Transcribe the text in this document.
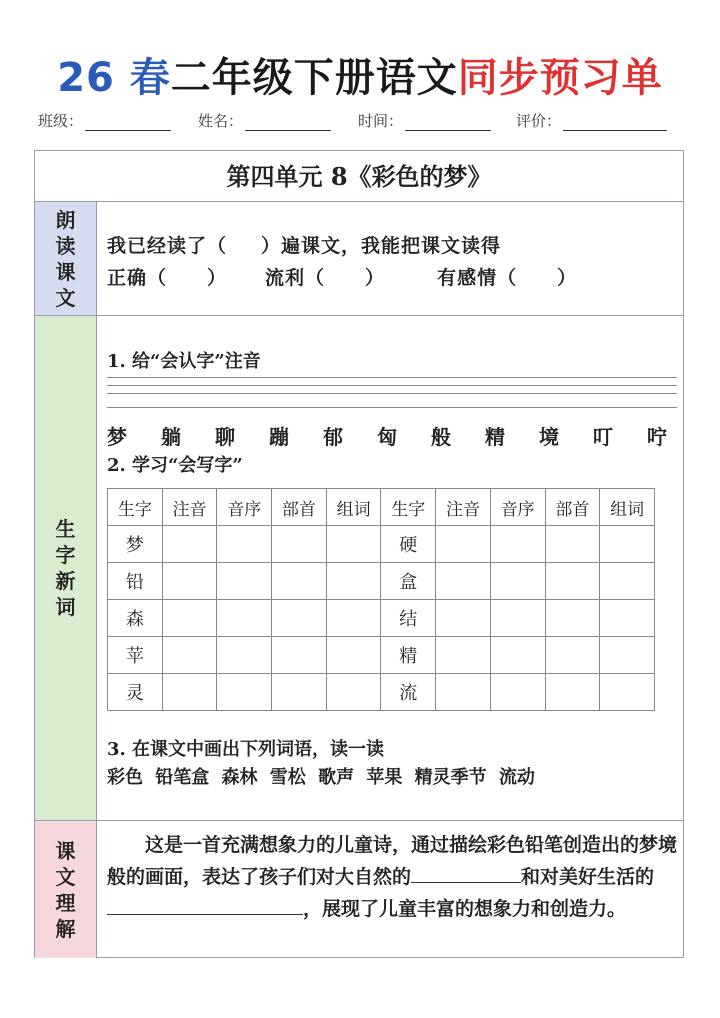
26 春二年级下册语文同步预习单
班级：	姓名：	时间：	评价：
第四单元 8《彩色的梦》
朗
读
课
文
我已经读了（ ）遍课文，我能把课文读得
正确（ ） 流利（ ）	有感情（ ）
生
字
新
词
1. 给“会认字”注音
梦 躺 聊 蹦 郁 匈 般 精 境 叮 咛
2. 学习“会写字”
生字	注音	音序	部首	组词	生字	注音	音序	部首	组词
梦					硬				
铅					盒				
森					结				
苹					精				
灵					流				
3. 在课文中画出下列词语，读一读
彩色 铅笔盒 森林 雪松 歌声 苹果 精灵季节 流动
课
文
理
解
这是一首充满想象力的儿童诗，通过描绘彩色铅笔创造出的梦境般的画面，表达了孩子们对大自然的	和对美好生活的，展现了儿童丰富的想象力和创造力。
